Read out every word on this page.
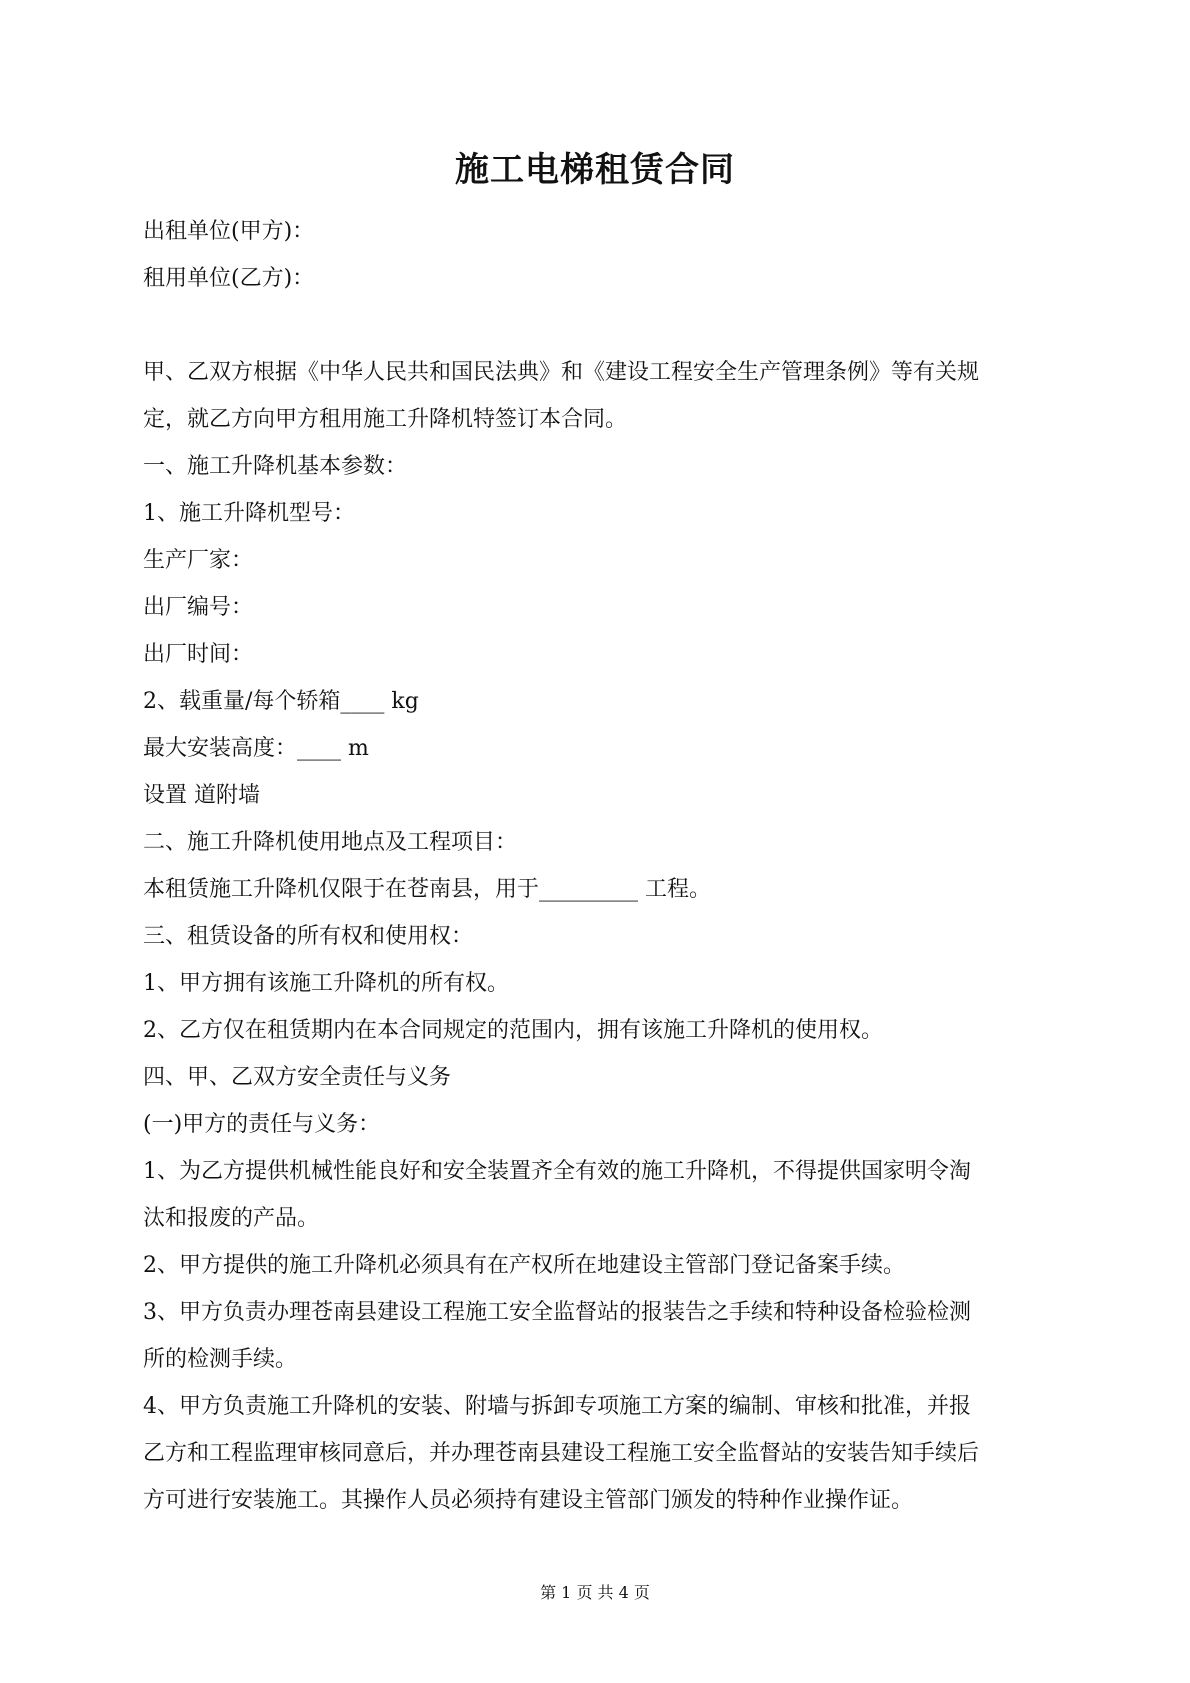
施工电梯租赁合同
出租单位(甲方)：
租用单位(乙方)：
甲、乙双方根据《中华人民共和国民法典》和《建设工程安全生产管理条例》等有关规
定，就乙方向甲方租用施工升降机特签订本合同。
一、施工升降机基本参数：
1、施工升降机型号：
生产厂家：
出厂编号：
出厂时间：
2、载重量/每个轿箱____ kg
最大安装高度：____ m
设置 道附墙
二、施工升降机使用地点及工程项目：
本租赁施工升降机仅限于在苍南县，用于_________ 工程。
三、租赁设备的所有权和使用权：
1、甲方拥有该施工升降机的所有权。
2、乙方仅在租赁期内在本合同规定的范围内，拥有该施工升降机的使用权。
四、甲、乙双方安全责任与义务
(一)甲方的责任与义务：
1、为乙方提供机械性能良好和安全装置齐全有效的施工升降机，不得提供国家明令淘
汰和报废的产品。
2、甲方提供的施工升降机必须具有在产权所在地建设主管部门登记备案手续。
3、甲方负责办理苍南县建设工程施工安全监督站的报装告之手续和特种设备检验检测
所的检测手续。
4、甲方负责施工升降机的安装、附墙与拆卸专项施工方案的编制、审核和批准，并报
乙方和工程监理审核同意后，并办理苍南县建设工程施工安全监督站的安装告知手续后
方可进行安装施工。其操作人员必须持有建设主管部门颁发的特种作业操作证。
第 1 页 共 4 页
